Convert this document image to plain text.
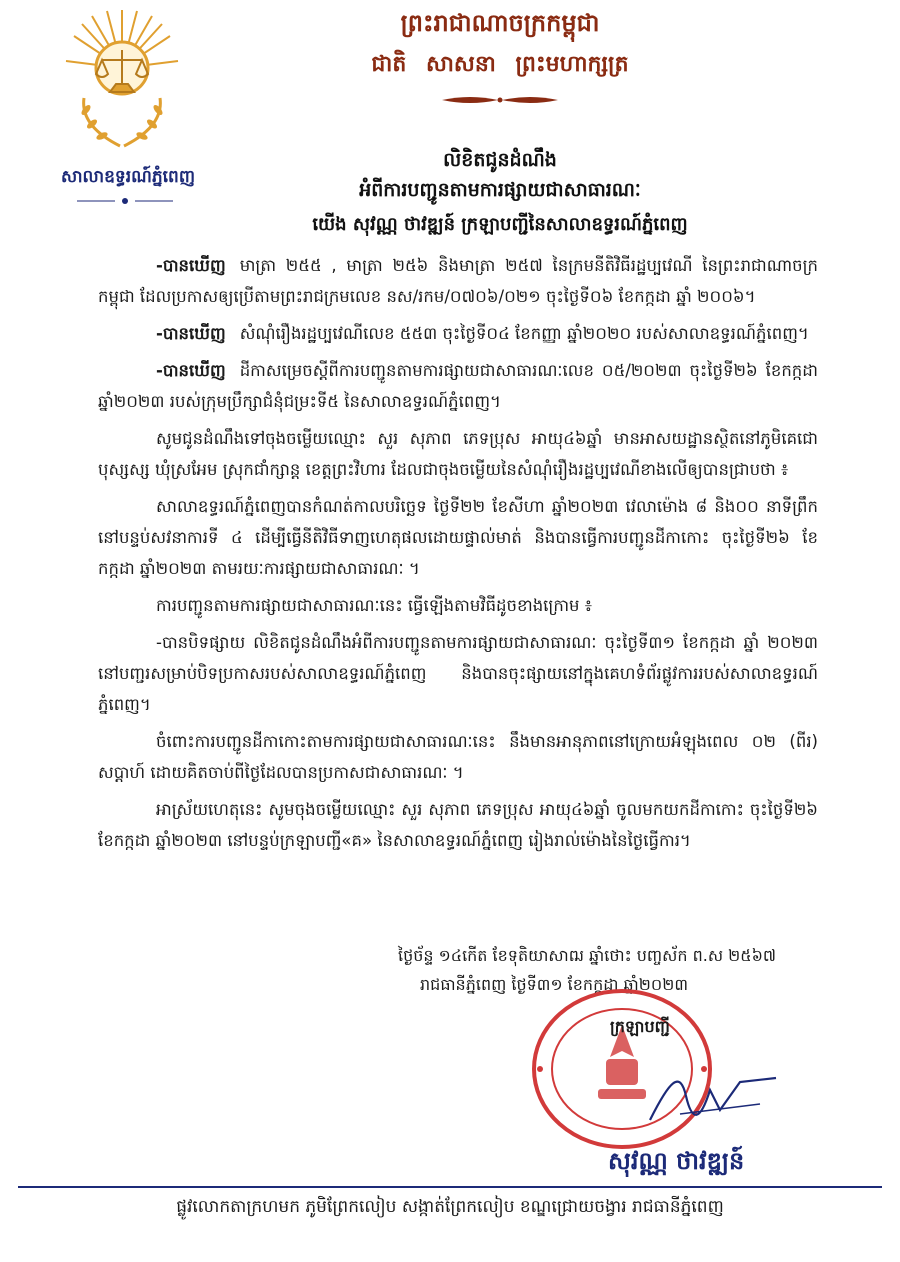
សាលាឧទ្ធរណ៍ភ្នំពេញ
ព្រះរាជាណាចក្រកម្ពុជា
ជាតិ សាសនា ព្រះមហាក្សត្រ
លិខិតជូនដំណឹង
អំពីការបញ្ជូនតាមការផ្សាយជាសាធារណៈ
យើង សុវណ្ណ ថាវឌ្ឍន៍ ក្រឡាបញ្ជីនៃសាលាឧទ្ធរណ៍ភ្នំពេញ

-បានឃើញ មាត្រា ២៥៥ , មាត្រា ២៥៦ និងមាត្រា ២៥៧ នៃក្រមនីតិវិធីរដ្ឋប្បវេណី នៃព្រះរាជាណាចក្រកម្ពុជា ដែលប្រកាសឲ្យប្រើតាមព្រះរាជក្រមលេខ នស/រកម/០៧០៦/០២១ ចុះថ្ងៃទី០៦ ខែកក្កដា ឆ្នាំ ២០០៦។

-បានឃើញ សំណុំរឿងរដ្ឋប្បវេណីលេខ ៥៥៣ ចុះថ្ងៃទី០៤ ខែកញ្ញា ឆ្នាំ២០២០ របស់សាលាឧទ្ធរណ៍ភ្នំពេញ។

-បានឃើញ ដីកាសម្រេចស្តីពីការបញ្ជូនតាមការផ្សាយជាសាធារណៈលេខ ០៥/២០២៣ ចុះថ្ងៃទី២៦ ខែកក្កដា ឆ្នាំ២០២៣ របស់ក្រុមប្រឹក្សាជំនុំជម្រះទី៥ នៃសាលាឧទ្ធរណ៍ភ្នំពេញ។

សូមជូនដំណឹងទៅចុងចម្លើយឈ្មោះ សួរ សុភាព ភេទប្រុស អាយុ៤៦ឆ្នាំ មានអាសយដ្ឋានស្ថិតនៅភូមិគេជោបុស្សស្ស ឃុំស្រអែម ស្រុកជាំក្សាន្ត ខេត្តព្រះវិហារ ដែលជាចុងចម្លើយនៃសំណុំរឿងរដ្ឋប្បវេណីខាងលើឲ្យបានជ្រាបថា ៖

សាលាឧទ្ធរណ៍ភ្នំពេញបានកំណត់កាលបរិច្ឆេទ ថ្ងៃទី២២ ខែសីហា ឆ្នាំ២០២៣ វេលាម៉ោង ៨ និង០០ នាទីព្រឹក នៅបន្ទប់សវនាការទី ៤ ដើម្បីធ្វើនីតិវិធីទាញហេតុផលដោយផ្ទាល់មាត់ និងបានធ្វើការបញ្ជូនដីកាកោះ ចុះថ្ងៃទី២៦ ខែកក្កដា ឆ្នាំ២០២៣ តាមរយៈការផ្សាយជាសាធារណៈ ។

ការបញ្ជូនតាមការផ្សាយជាសាធារណៈនេះ ធ្វើឡើងតាមវិធីដូចខាងក្រោម ៖

-បានបិទផ្សាយ លិខិតជូនដំណឹងអំពីការបញ្ជូនតាមការផ្សាយជាសាធារណៈ ចុះថ្ងៃទី៣១ ខែកក្កដា ឆ្នាំ ២០២៣ នៅបញ្ជរសម្រាប់បិទប្រកាសរបស់សាលាឧទ្ធរណ៍ភ្នំពេញ និងបានចុះផ្សាយនៅក្នុងគេហទំព័រផ្លូវការរបស់សាលាឧទ្ធរណ៍ភ្នំពេញ។

ចំពោះការបញ្ជូនដីកាកោះតាមការផ្សាយជាសាធារណៈនេះ នឹងមានអានុភាពនៅក្រោយអំឡុងពេល ០២ (ពីរ) សប្តាហ៍ ដោយគិតចាប់ពីថ្ងៃដែលបានប្រកាសជាសាធារណៈ ។

អាស្រ័យហេតុនេះ សូមចុងចម្លើយឈ្មោះ សួរ សុភាព ភេទប្រុស អាយុ៤៦ឆ្នាំ ចូលមកយកដីកាកោះ ចុះថ្ងៃទី២៦ ខែកក្កដា ឆ្នាំ២០២៣ នៅបន្ទប់ក្រឡាបញ្ជី«គ» នៃសាលាឧទ្ធរណ៍ភ្នំពេញ រៀងរាល់ម៉ោងនៃថ្ងៃធ្វើការ។

ថ្ងៃច័ន្ទ ១៤កើត ខែទុតិយាសាឍ ឆ្នាំថោះ បញ្ចស័ក ព.ស ២៥៦៧
រាជធានីភ្នំពេញ ថ្ងៃទី៣១ ខែកក្កដា ឆ្នាំ២០២៣
ក្រឡាបញ្ជី
សុវណ្ណ ថាវឌ្ឍន៍
ផ្លូវលោកតាក្រហមក ភូមិព្រែកលៀប សង្កាត់ព្រែកលៀប ខណ្ឌជ្រោយចង្វារ រាជធានីភ្នំពេញ
